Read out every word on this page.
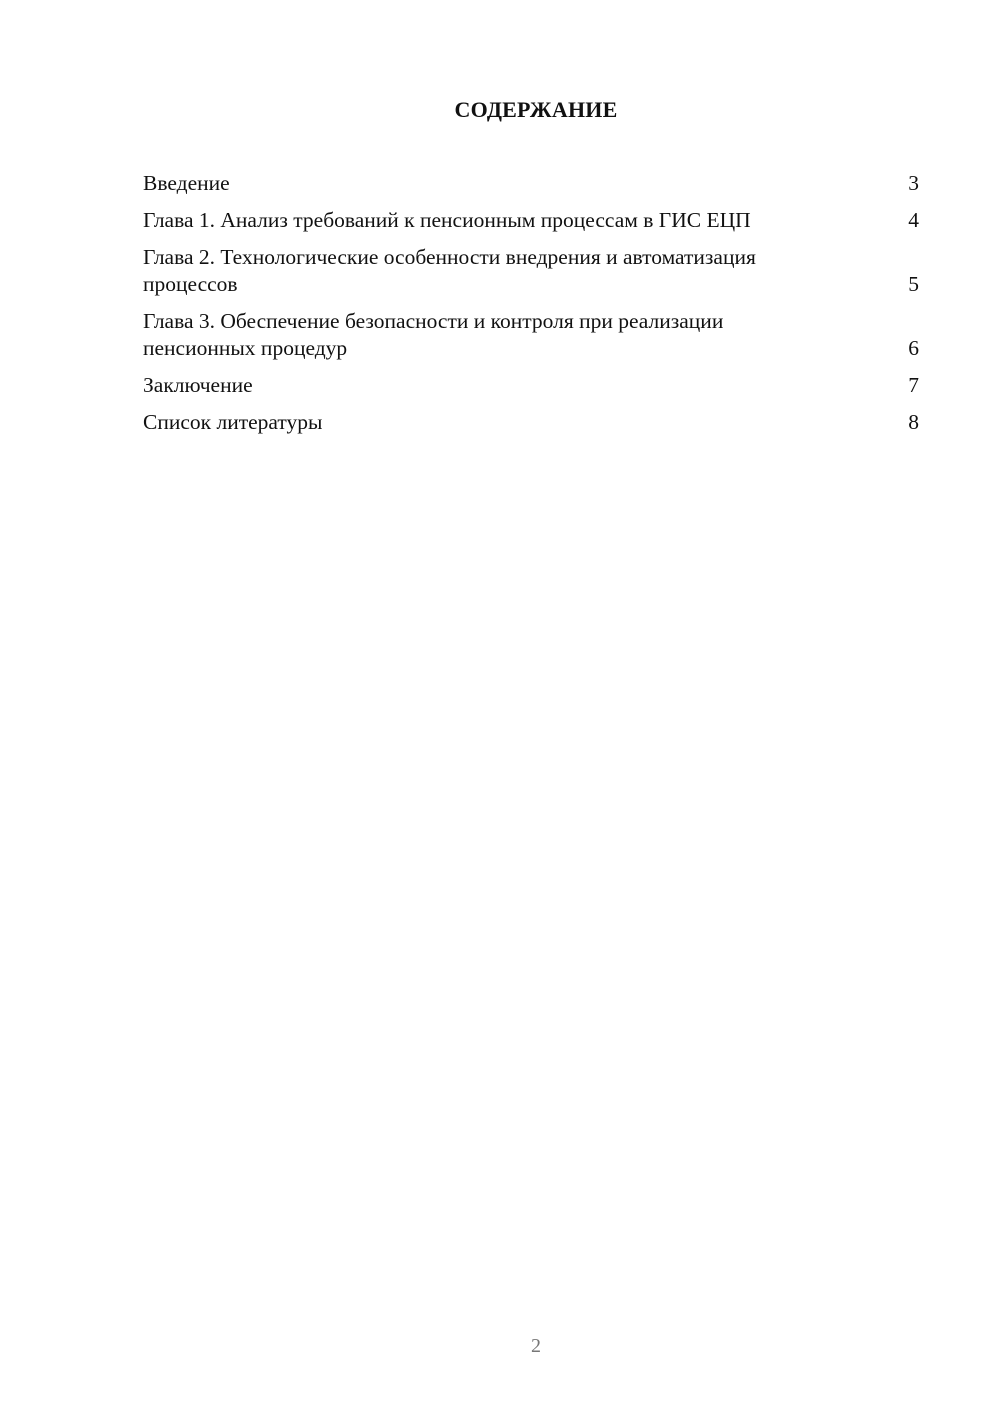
СОДЕРЖАНИЕ
Введение	3
Глава 1. Анализ требований к пенсионным процессам в ГИС ЕЦП	4
Глава 2. Технологические особенности внедрения и автоматизация процессов	5
Глава 3. Обеспечение безопасности и контроля при реализации пенсионных процедур	6
Заключение	7
Список литературы	8
2
